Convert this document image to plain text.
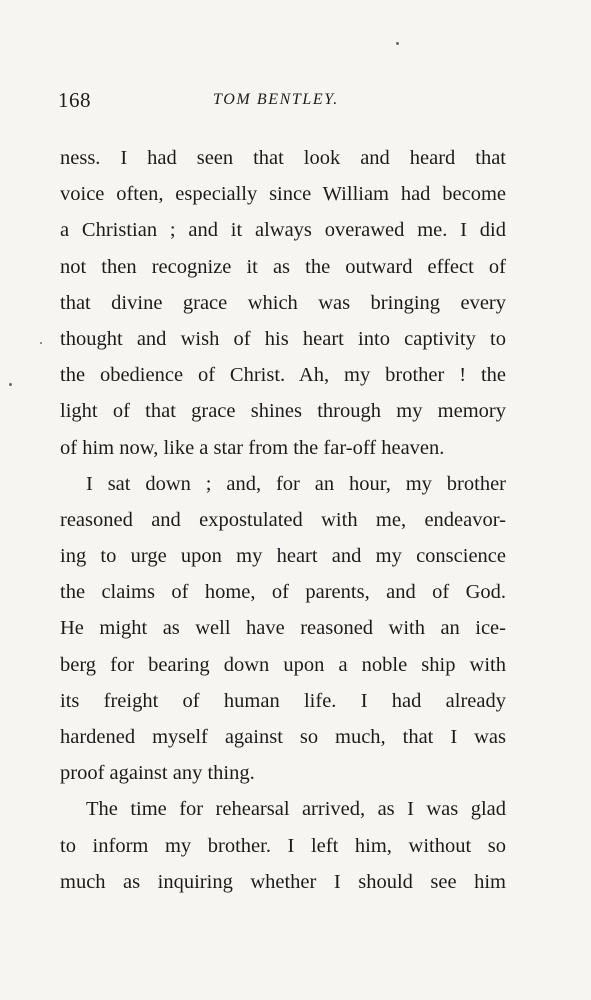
168	TOM BENTLEY.
ness. I had seen that look and heard that
voice often, especially since William had become
a Christian ; and it always overawed me. I did
not then recognize it as the outward effect of
that divine grace which was bringing every
thought and wish of his heart into captivity to
the obedience of Christ. Ah, my brother ! the
light of that grace shines through my memory
of him now, like a star from the far-off heaven.
I sat down ; and, for an hour, my brother
reasoned and expostulated with me, endeavor-
ing to urge upon my heart and my conscience
the claims of home, of parents, and of God.
He might as well have reasoned with an ice-
berg for bearing down upon a noble ship with
its freight of human life. I had already
hardened myself against so much, that I was
proof against any thing.
The time for rehearsal arrived, as I was glad
to inform my brother. I left him, without so
much as inquiring whether I should see him
